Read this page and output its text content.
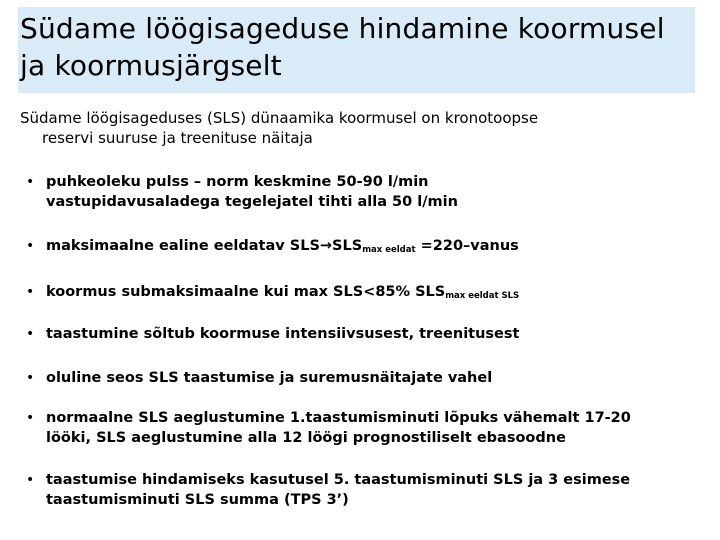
Südame löögisageduse hindamine koormusel
ja koormusjärgselt
Südame löögisageduses (SLS) dünaamika koormusel on kronotoopse
reservi suuruse ja treenituse näitaja
• puhkeoleku pulss – norm keskmine 50-90 l/min
vastupidavusaladega tegelejatel tihti alla 50 l/min
• maksimaalne ealine eeldatav $SLS\to SLS_{max eeldat}$ =220–vanus
• koormus submaksimaalne kui max SLS<85% $SLS_{max eeldat SLS}$
• taastumine sõltub koormuse intensiivsusest, treenitusest
• oluline seos SLS taastumise ja suremusnäitajate vahel
• normaalne SLS aeglustumine 1.taastumisminuti lõpuks vähemalt 17-20
lööki, SLS aeglustumine alla 12 löögi prognostiliselt ebasoodne
• taastumise hindamiseks kasutusel 5. taastumisminuti SLS ja 3 esimese
taastumisminuti SLS summa (TPS 3’)
